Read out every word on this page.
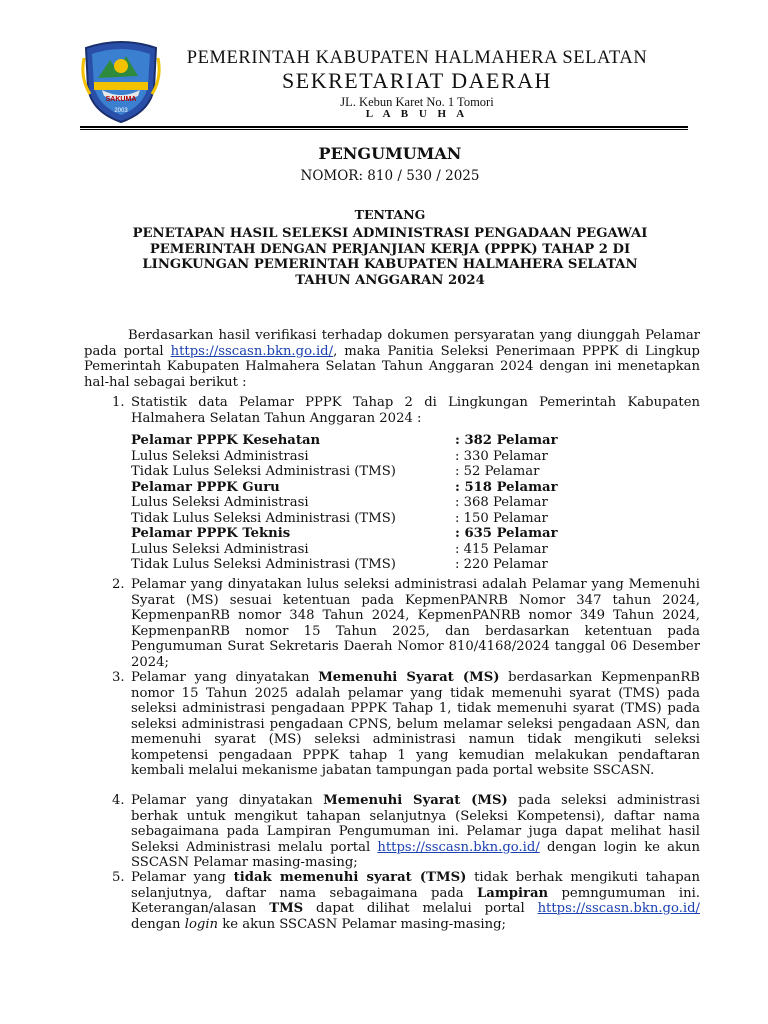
SAKUMA
2003
PEMERINTAH KABUPATEN HALMAHERA SELATAN
SEKRETARIAT DAERAH
JL. Kebun Karet No. 1 Tomori
L A B U H A
PENGUMUMAN
NOMOR: 810 / 530 / 2025
TENTANG
PENETAPAN HASIL SELEKSI ADMINISTRASI PENGADAAN PEGAWAI
PEMERINTAH DENGAN PERJANJIAN KERJA (PPPK) TAHAP 2 DI
LINGKUNGAN PEMERINTAH KABUPATEN HALMAHERA SELATAN
TAHUN ANGGARAN 2024
Berdasarkan hasil verifikasi terhadap dokumen persyaratan yang diunggah Pelamar pada portal https://sscasn.bkn.go.id/, maka Panitia Seleksi Penerimaan PPPK di Lingkup Pemerintah Kabupaten Halmahera Selatan Tahun Anggaran 2024 dengan ini menetapkan hal-hal sebagai berikut :
1. Statistik data Pelamar PPPK Tahap 2 di Lingkungan Pemerintah Kabupaten Halmahera Selatan Tahun Anggaran 2024 :
Pelamar PPPK Kesehatan	: 382 Pelamar
Lulus Seleksi Administrasi	: 330 Pelamar
Tidak Lulus Seleksi Administrasi (TMS)	: 52 Pelamar
Pelamar PPPK Guru	: 518 Pelamar
Lulus Seleksi Administrasi	: 368 Pelamar
Tidak Lulus Seleksi Administrasi (TMS)	: 150 Pelamar
Pelamar PPPK Teknis	: 635 Pelamar
Lulus Seleksi Administrasi	: 415 Pelamar
Tidak Lulus Seleksi Administrasi (TMS)	: 220 Pelamar
2. Pelamar yang dinyatakan lulus seleksi administrasi adalah Pelamar yang Memenuhi Syarat (MS) sesuai ketentuan pada KepmenPANRB Nomor 347 tahun 2024, KepmenpanRB nomor 348 Tahun 2024, KepmenPANRB nomor 349 Tahun 2024, KepmenpanRB nomor 15 Tahun 2025, dan berdasarkan ketentuan pada Pengumuman Surat Sekretaris Daerah Nomor 810/4168/2024 tanggal 06 Desember 2024;
3. Pelamar yang dinyatakan Memenuhi Syarat (MS) berdasarkan KepmenpanRB nomor 15 Tahun 2025 adalah pelamar yang tidak memenuhi syarat (TMS) pada seleksi administrasi pengadaan PPPK Tahap 1, tidak memenuhi syarat (TMS) pada seleksi administrasi pengadaan CPNS, belum melamar seleksi pengadaan ASN, dan memenuhi syarat (MS) seleksi administrasi namun tidak mengikuti seleksi kompetensi pengadaan PPPK tahap 1 yang kemudian melakukan pendaftaran kembali melalui mekanisme jabatan tampungan pada portal website SSCASN.
4. Pelamar yang dinyatakan Memenuhi Syarat (MS) pada seleksi administrasi berhak untuk mengikut tahapan selanjutnya (Seleksi Kompetensi), daftar nama sebagaimana pada Lampiran Pengumuman ini. Pelamar juga dapat melihat hasil Seleksi Administrasi melalu portal https://sscasn.bkn.go.id/ dengan login ke akun SSCASN Pelamar masing-masing;
5. Pelamar yang tidak memenuhi syarat (TMS) tidak berhak mengikuti tahapan selanjutnya, daftar nama sebagaimana pada Lampiran pemngumuman ini. Keterangan/alasan TMS dapat dilihat melalui portal https://sscasn.bkn.go.id/ dengan login ke akun SSCASN Pelamar masing-masing;
